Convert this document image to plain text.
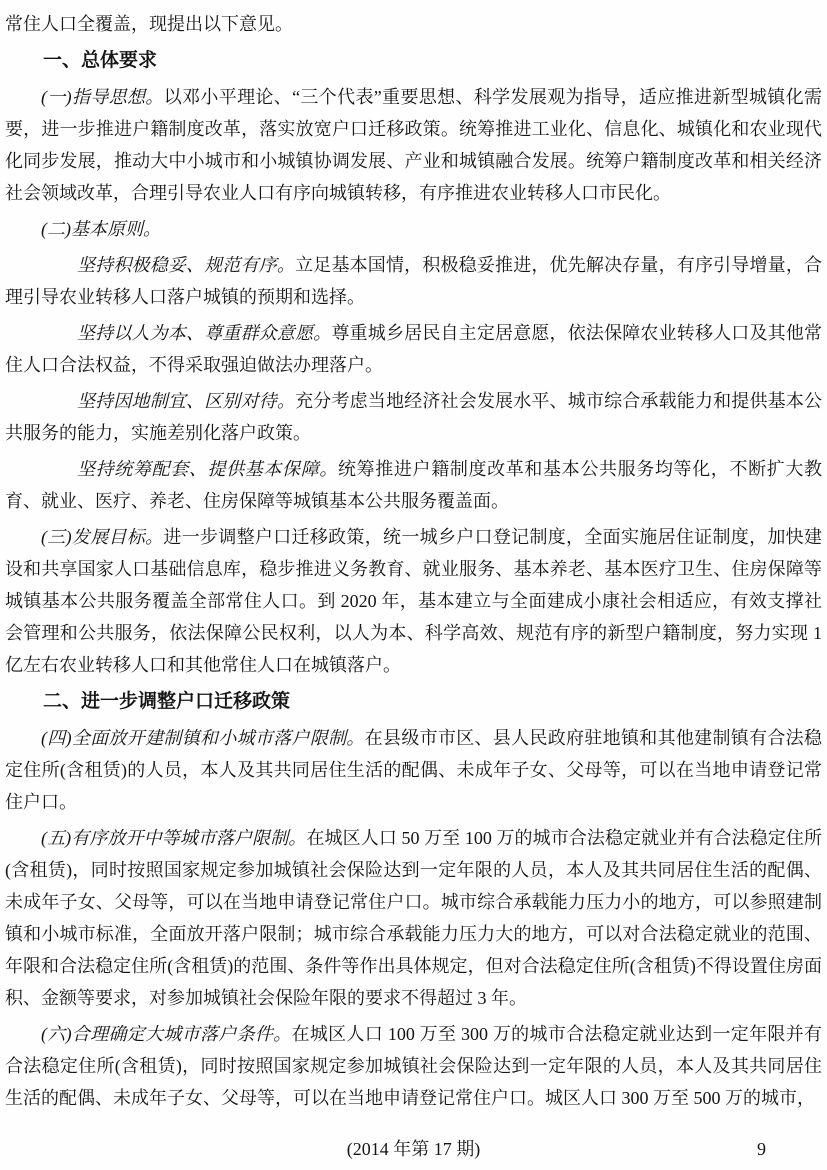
常住人口全覆盖，现提出以下意见。

一、总体要求

(一)指导思想。以邓小平理论、“三个代表”重要思想、科学发展观为指导，适应推进新型城镇化需要，进一步推进户籍制度改革，落实放宽户口迁移政策。统筹推进工业化、信息化、城镇化和农业现代化同步发展，推动大中小城市和小城镇协调发展、产业和城镇融合发展。统筹户籍制度改革和相关经济社会领域改革，合理引导农业人口有序向城镇转移，有序推进农业转移人口市民化。

(二)基本原则。

坚持积极稳妥、规范有序。立足基本国情，积极稳妥推进，优先解决存量，有序引导增量，合理引导农业转移人口落户城镇的预期和选择。

坚持以人为本、尊重群众意愿。尊重城乡居民自主定居意愿，依法保障农业转移人口及其他常住人口合法权益，不得采取强迫做法办理落户。

坚持因地制宜、区别对待。充分考虑当地经济社会发展水平、城市综合承载能力和提供基本公共服务的能力，实施差别化落户政策。

坚持统筹配套、提供基本保障。统筹推进户籍制度改革和基本公共服务均等化，不断扩大教育、就业、医疗、养老、住房保障等城镇基本公共服务覆盖面。

(三)发展目标。进一步调整户口迁移政策，统一城乡户口登记制度，全面实施居住证制度，加快建设和共享国家人口基础信息库，稳步推进义务教育、就业服务、基本养老、基本医疗卫生、住房保障等城镇基本公共服务覆盖全部常住人口。到 2020 年，基本建立与全面建成小康社会相适应，有效支撑社会管理和公共服务，依法保障公民权利，以人为本、科学高效、规范有序的新型户籍制度，努力实现 1 亿左右农业转移人口和其他常住人口在城镇落户。

二、进一步调整户口迁移政策

(四)全面放开建制镇和小城市落户限制。在县级市市区、县人民政府驻地镇和其他建制镇有合法稳定住所(含租赁)的人员，本人及其共同居住生活的配偶、未成年子女、父母等，可以在当地申请登记常住户口。

(五)有序放开中等城市落户限制。在城区人口 50 万至 100 万的城市合法稳定就业并有合法稳定住所(含租赁)，同时按照国家规定参加城镇社会保险达到一定年限的人员，本人及其共同居住生活的配偶、未成年子女、父母等，可以在当地申请登记常住户口。城市综合承载能力压力小的地方，可以参照建制镇和小城市标准，全面放开落户限制；城市综合承载能力压力大的地方，可以对合法稳定就业的范围、年限和合法稳定住所(含租赁)的范围、条件等作出具体规定，但对合法稳定住所(含租赁)不得设置住房面积、金额等要求，对参加城镇社会保险年限的要求不得超过 3 年。

(六)合理确定大城市落户条件。在城区人口 100 万至 300 万的城市合法稳定就业达到一定年限并有合法稳定住所(含租赁)，同时按照国家规定参加城镇社会保险达到一定年限的人员，本人及其共同居住生活的配偶、未成年子女、父母等，可以在当地申请登记常住户口。城区人口 300 万至 500 万的城市，

(2014 年第 17 期)	9
